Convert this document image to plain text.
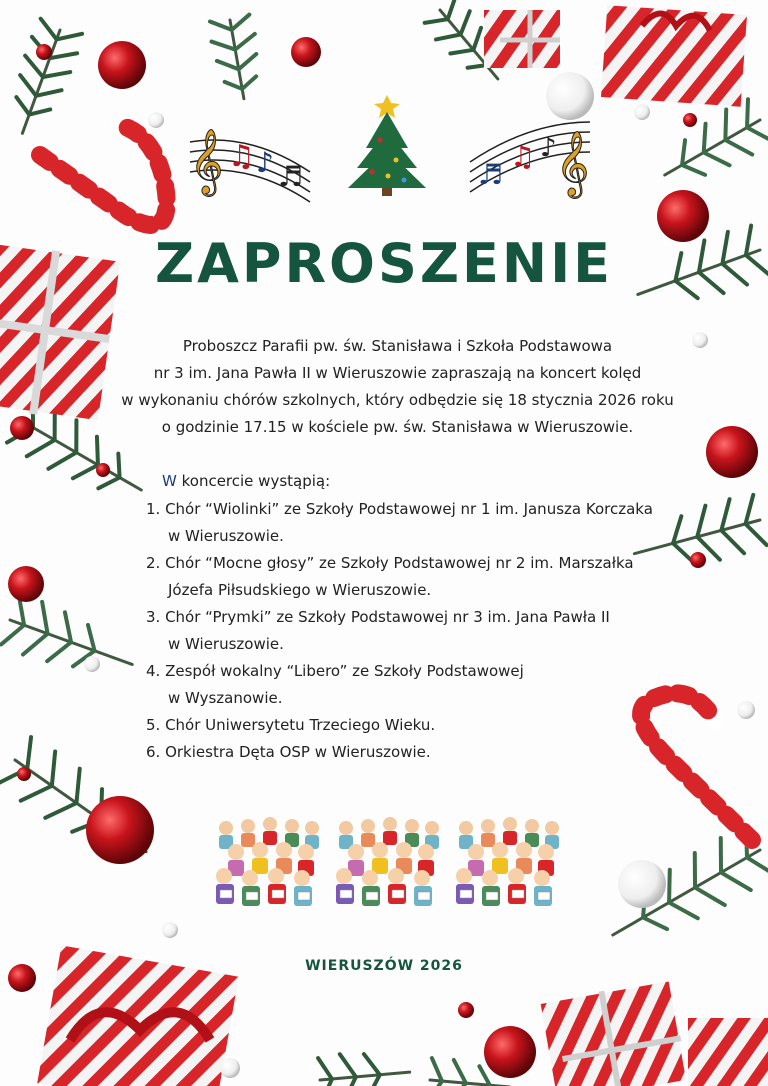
𝄞 ♫ ♪ ♬	♬
♫ ♪ 𝄞
ZAPROSZENIE
Proboszcz Parafii pw. św. Stanisława i Szkoła Podstawowa
nr 3 im. Jana Pawła II w Wieruszowie zapraszają na koncert kolęd
w wykonaniu chórów szkolnych, który odbędzie się 18 stycznia 2026 roku
o godzinie 17.15 w kościele pw. św. Stanisława w Wieruszowie.
W koncercie wystąpią:
1. Chór “Wiolinki” ze Szkoły Podstawowej nr 1 im. Janusza Korczaka
w Wieruszowie.
2. Chór “Mocne głosy” ze Szkoły Podstawowej nr 2 im. Marszałka
Józefa Piłsudskiego w Wieruszowie.
3. Chór “Prymki” ze Szkoły Podstawowej nr 3 im. Jana Pawła II
w Wieruszowie.
4. Zespół wokalny “Libero” ze Szkoły Podstawowej
w Wyszanowie.
5. Chór Uniwersytetu Trzeciego Wieku.
6. Orkiestra Dęta OSP w Wieruszowie.
WIERUSZÓW 2026
